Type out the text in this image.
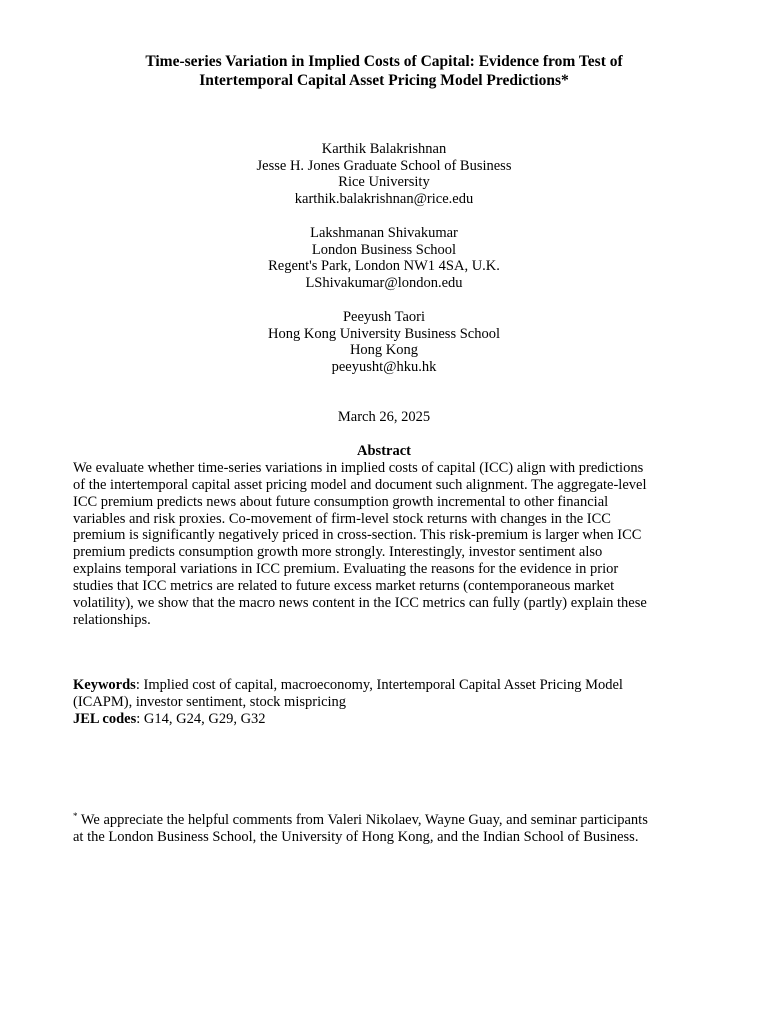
Time-series Variation in Implied Costs of Capital: Evidence from Test of
Intertemporal Capital Asset Pricing Model Predictions*
Karthik Balakrishnan
Jesse H. Jones Graduate School of Business
Rice University
karthik.balakrishnan@rice.edu
Lakshmanan Shivakumar
London Business School
Regent's Park, London NW1 4SA, U.K.
LShivakumar@london.edu
Peeyush Taori
Hong Kong University Business School
Hong Kong
peeyusht@hku.hk
March 26, 2025
Abstract
We evaluate whether time-series variations in implied costs of capital (ICC) align with predictions
of the intertemporal capital asset pricing model and document such alignment. The aggregate-level
ICC premium predicts news about future consumption growth incremental to other financial
variables and risk proxies. Co-movement of firm-level stock returns with changes in the ICC
premium is significantly negatively priced in cross-section. This risk-premium is larger when ICC
premium predicts consumption growth more strongly. Interestingly, investor sentiment also
explains temporal variations in ICC premium. Evaluating the reasons for the evidence in prior
studies that ICC metrics are related to future excess market returns (contemporaneous market
volatility), we show that the macro news content in the ICC metrics can fully (partly) explain these
relationships.
Keywords: Implied cost of capital, macroeconomy, Intertemporal Capital Asset Pricing Model
(ICAPM), investor sentiment, stock mispricing
JEL codes: G14, G24, G29, G32
* We appreciate the helpful comments from Valeri Nikolaev, Wayne Guay, and seminar participants
at the London Business School, the University of Hong Kong, and the Indian School of Business.
